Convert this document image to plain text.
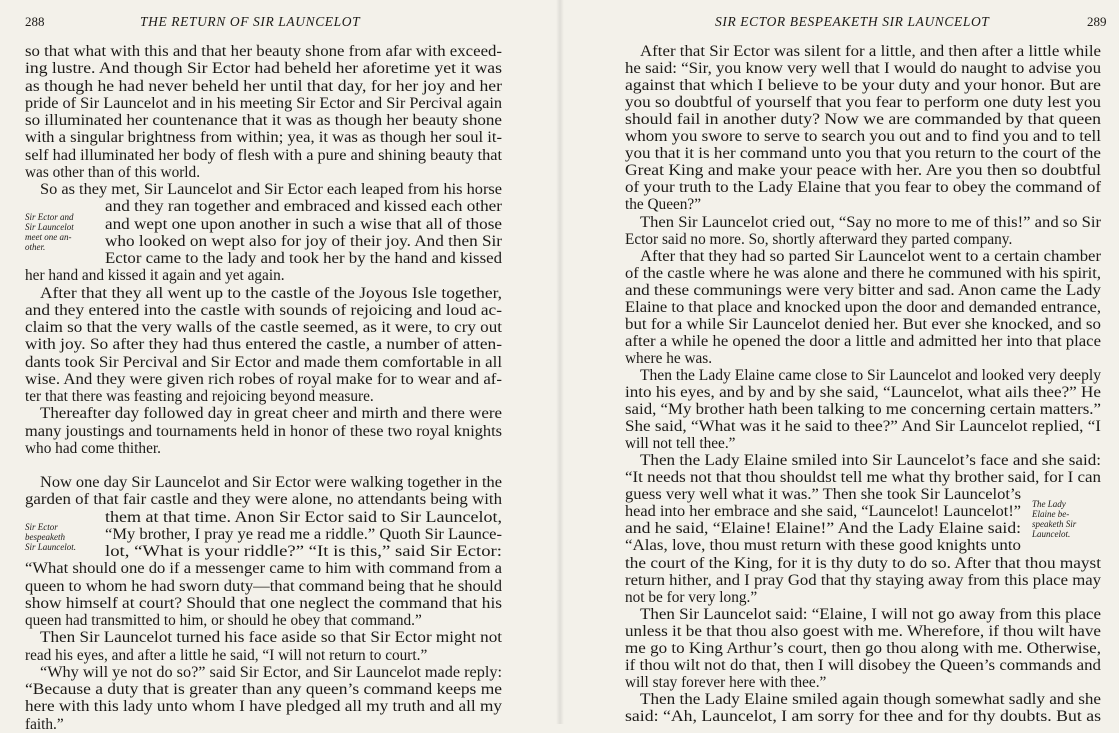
288	THE RETURN OF SIR LAUNCELOT
so that what with this and that her beauty shone from afar with exceed-
ing lustre. And though Sir Ector had beheld her aforetime yet it was
as though he had never beheld her until that day, for her joy and her
pride of Sir Launcelot and in his meeting Sir Ector and Sir Percival again
so illuminated her countenance that it was as though her beauty shone
with a singular brightness from within; yea, it was as though her soul it-
self had illuminated her body of flesh with a pure and shining beauty that
was other than of this world.
So as they met, Sir Launcelot and Sir Ector each leaped from his horse
and they ran together and embraced and kissed each other
and wept one upon another in such a wise that all of those
who looked on wept also for joy of their joy. And then Sir
Ector came to the lady and took her by the hand and kissed
her hand and kissed it again and yet again.
After that they all went up to the castle of the Joyous Isle together,
and they entered into the castle with sounds of rejoicing and loud ac-
claim so that the very walls of the castle seemed, as it were, to cry out
with joy. So after they had thus entered the castle, a number of atten-
dants took Sir Percival and Sir Ector and made them comfortable in all
wise. And they were given rich robes of royal make for to wear and af-
ter that there was feasting and rejoicing beyond measure.
Thereafter day followed day in great cheer and mirth and there were
many joustings and tournaments held in honor of these two royal knights
who had come thither.
Now one day Sir Launcelot and Sir Ector were walking together in the
garden of that fair castle and they were alone, no attendants being with
them at that time. Anon Sir Ector said to Sir Launcelot,
“My brother, I pray ye read me a riddle.” Quoth Sir Launce-
lot, “What is your riddle?” “It is this,” said Sir Ector:
“What should one do if a messenger came to him with command from a
queen to whom he had sworn duty—that command being that he should
show himself at court? Should that one neglect the command that his
queen had transmitted to him, or should he obey that command.”
Then Sir Launcelot turned his face aside so that Sir Ector might not
read his eyes, and after a little he said, “I will not return to court.”
“Why will ye not do so?” said Sir Ector, and Sir Launcelot made reply:
“Because a duty that is greater than any queen’s command keeps me
here with this lady unto whom I have pledged all my truth and all my
faith.”
Sir Ector and
Sir Launcelot
meet one an-
other.
Sir Ector
bespeaketh
Sir Launcelot.
SIR ECTOR BESPEAKETH SIR LAUNCELOT	289
After that Sir Ector was silent for a little, and then after a little while
he said: “Sir, you know very well that I would do naught to advise you
against that which I believe to be your duty and your honor. But are
you so doubtful of yourself that you fear to perform one duty lest you
should fail in another duty? Now we are commanded by that queen
whom you swore to serve to search you out and to find you and to tell
you that it is her command unto you that you return to the court of the
Great King and make your peace with her. Are you then so doubtful
of your truth to the Lady Elaine that you fear to obey the command of
the Queen?”
Then Sir Launcelot cried out, “Say no more to me of this!” and so Sir
Ector said no more. So, shortly afterward they parted company.
After that they had so parted Sir Launcelot went to a certain chamber
of the castle where he was alone and there he communed with his spirit,
and these communings were very bitter and sad. Anon came the Lady
Elaine to that place and knocked upon the door and demanded entrance,
but for a while Sir Launcelot denied her. But ever she knocked, and so
after a while he opened the door a little and admitted her into that place
where he was.
Then the Lady Elaine came close to Sir Launcelot and looked very deeply
into his eyes, and by and by she said, “Launcelot, what ails thee?” He
said, “My brother hath been talking to me concerning certain matters.”
She said, “What was it he said to thee?” And Sir Launcelot replied, “I
will not tell thee.”
Then the Lady Elaine smiled into Sir Launcelot’s face and she said:
“It needs not that thou shouldst tell me what thy brother said, for I can
guess very well what it was.” Then she took Sir Launcelot’s
head into her embrace and she said, “Launcelot! Launcelot!”
and he said, “Elaine! Elaine!” And the Lady Elaine said:
“Alas, love, thou must return with these good knights unto
the court of the King, for it is thy duty to do so. After that thou mayst
return hither, and I pray God that thy staying away from this place may
not be for very long.”
Then Sir Launcelot said: “Elaine, I will not go away from this place
unless it be that thou also goest with me. Wherefore, if thou wilt have
me go to King Arthur’s court, then go thou along with me. Otherwise,
if thou wilt not do that, then I will disobey the Queen’s commands and
will stay forever here with thee.”
Then the Lady Elaine smiled again though somewhat sadly and she
said: “Ah, Launcelot, I am sorry for thee and for thy doubts. But as
The Lady
Elaine be-
speaketh Sir
Launcelot.
